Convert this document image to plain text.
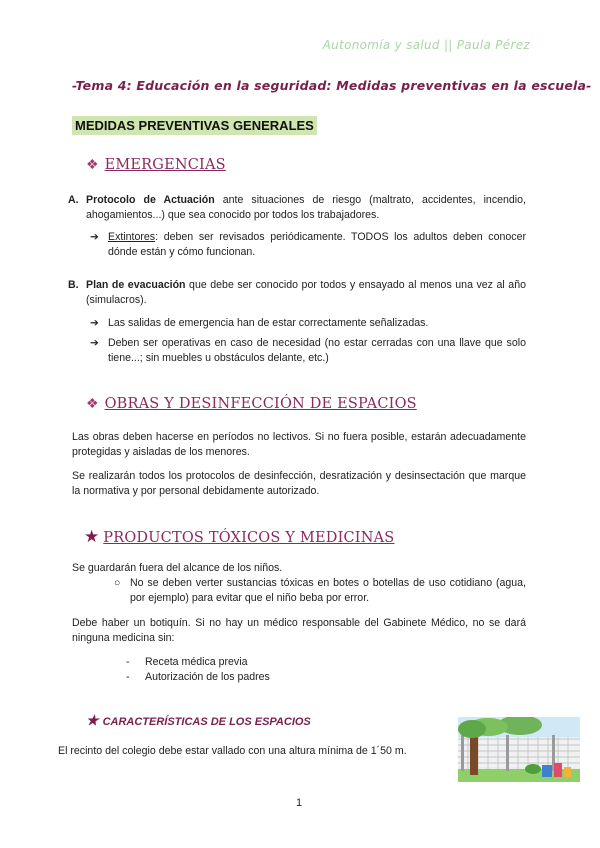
Autonomía y salud || Paula Pérez
-Tema 4: Educación en la seguridad: Medidas preventivas en la escuela-
MEDIDAS PREVENTIVAS GENERALES
❖ EMERGENCIAS
A. Protocolo de Actuación ante situaciones de riesgo (maltrato, accidentes, incendio, ahogamientos...) que sea conocido por todos los trabajadores.
➔ Extintores: deben ser revisados periódicamente. TODOS los adultos deben conocer dónde están y cómo funcionan.
B. Plan de evacuación que debe ser conocido por todos y ensayado al menos una vez al año (simulacros).
➔ Las salidas de emergencia han de estar correctamente señalizadas.
➔ Deben ser operativas en caso de necesidad (no estar cerradas con una llave que solo tiene...; sin muebles u obstáculos delante, etc.)
❖ OBRAS Y DESINFECCIÓN DE ESPACIOS
Las obras deben hacerse en períodos no lectivos. Si no fuera posible, estarán adecuadamente protegidas y aisladas de los menores.
Se realizarán todos los protocolos de desinfección, desratización y desinsectación que marque la normativa y por personal debidamente autorizado.
★ PRODUCTOS TÓXICOS Y MEDICINAS
Se guardarán fuera del alcance de los niños.
○ No se deben verter sustancias tóxicas en botes o botellas de uso cotidiano (agua, por ejemplo) para evitar que el niño beba por error.
Debe haber un botiquín. Si no hay un médico responsable del Gabinete Médico, no se dará ninguna medicina sin:
-	Receta médica previa
-	Autorización de los padres
★ CARACTERÍSTICAS DE LOS ESPACIOS
El recinto del colegio debe estar vallado con una altura mínima de 1´50 m.
1
